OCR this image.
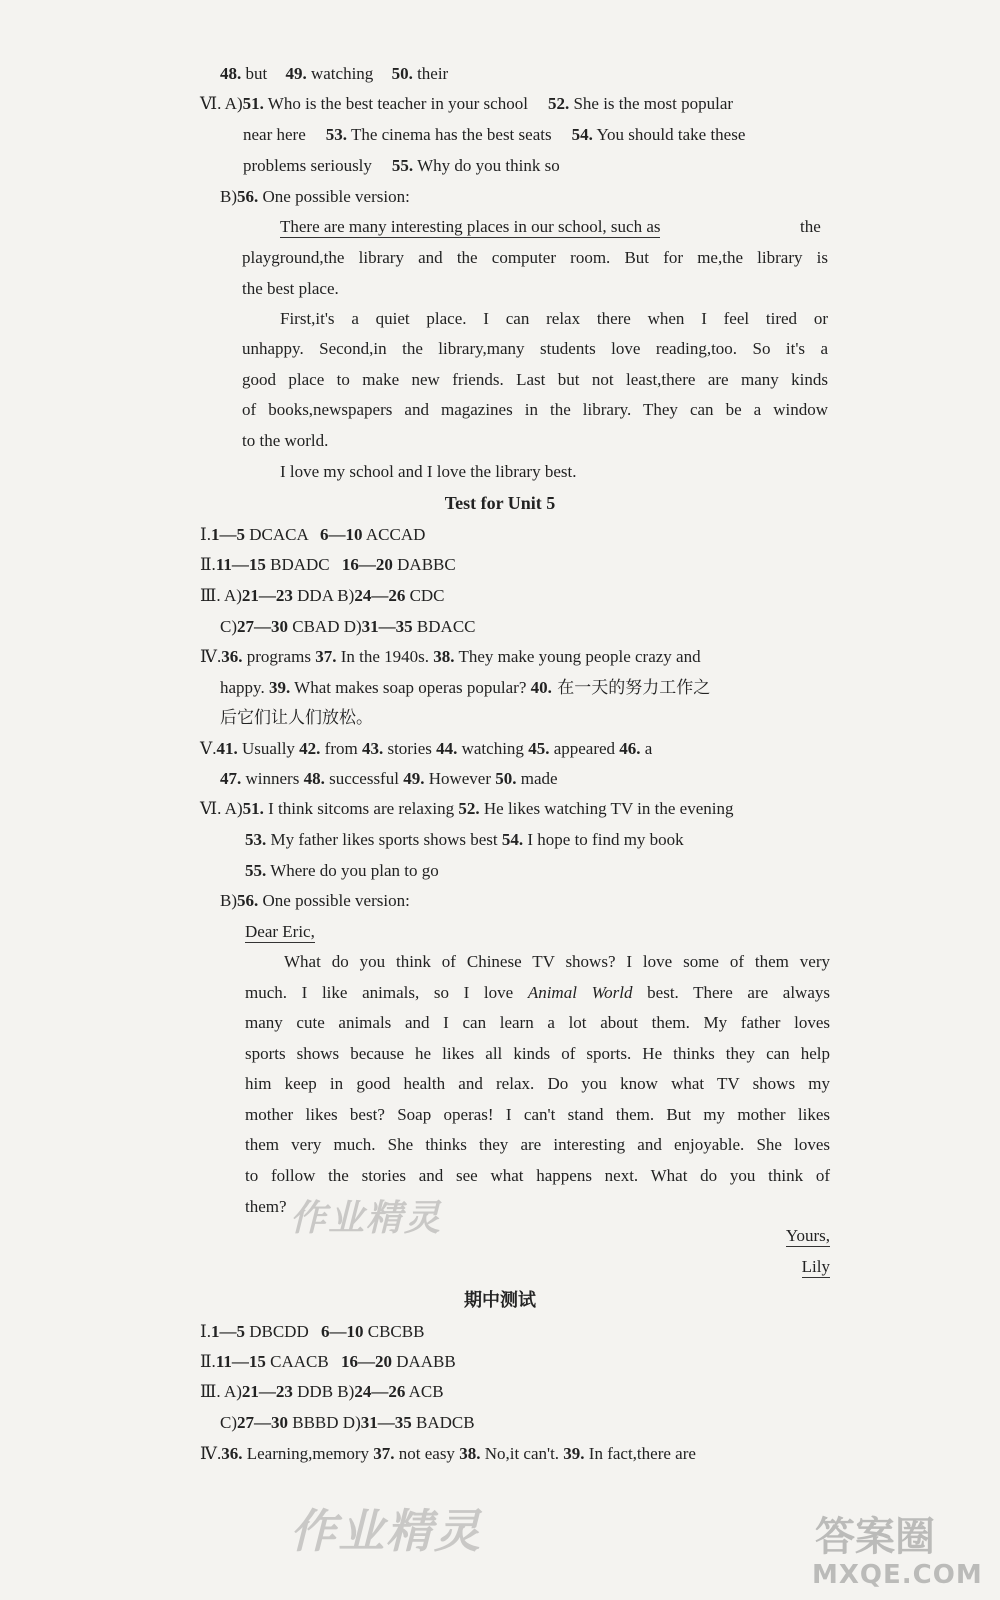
48. but 49. watching 50. their
Ⅵ. A)51. Who is the best teacher in your school 52. She is the most popular
near here 53. The cinema has the best seats 54. You should take these
problems seriously 55. Why do you think so
B)56. One possible version:
There are many interesting places in our school, such as	the
playground,the library and the computer room. But for me,the library is
the best place.
First,it's a quiet place. I can relax there when I feel tired or
unhappy. Second,in the library,many students love reading,too. So it's a
good place to make new friends. Last but not least,there are many kinds
of books,newspapers and magazines in the library. They can be a window
to the world.
I love my school and I love the library best.
Test for Unit 5
Ⅰ.1—5 DCACA 6—10 ACCAD
Ⅱ.11—15 BDADC 16—20 DABBC
Ⅲ. A)21—23 DDA B)24—26 CDC
C)27—30 CBAD D)31—35 BDACC
Ⅳ.36. programs 37. In the 1940s. 38. They make young people crazy and
happy. 39. What makes soap operas popular? 40. 在一天的努力工作之
后它们让人们放松。
Ⅴ.41. Usually 42. from 43. stories 44. watching 45. appeared 46. a
47. winners 48. successful 49. However 50. made
Ⅵ. A)51. I think sitcoms are relaxing 52. He likes watching TV in the evening
53. My father likes sports shows best 54. I hope to find my book
55. Where do you plan to go
B)56. One possible version:
Dear Eric,
What do you think of Chinese TV shows? I love some of them very
much. I like animals, so I love Animal World best. There are always
many cute animals and I can learn a lot about them. My father loves
sports shows because he likes all kinds of sports. He thinks they can help
him keep in good health and relax. Do you know what TV shows my
mother likes best? Soap operas! I can't stand them. But my mother likes
them very much. She thinks they are interesting and enjoyable. She loves
to follow the stories and see what happens next. What do you think of
them?
Yours,
Lily
期中测试
Ⅰ.1—5 DBCDD 6—10 CBCBB
Ⅱ.11—15 CAACB 16—20 DAABB
Ⅲ. A)21—23 DDB B)24—26 ACB
C)27—30 BBBD D)31—35 BADCB
Ⅳ.36. Learning,memory 37. not easy 38. No,it can't. 39. In fact,there are
作业精灵
作业精灵	答案圈
MXQE.COM
